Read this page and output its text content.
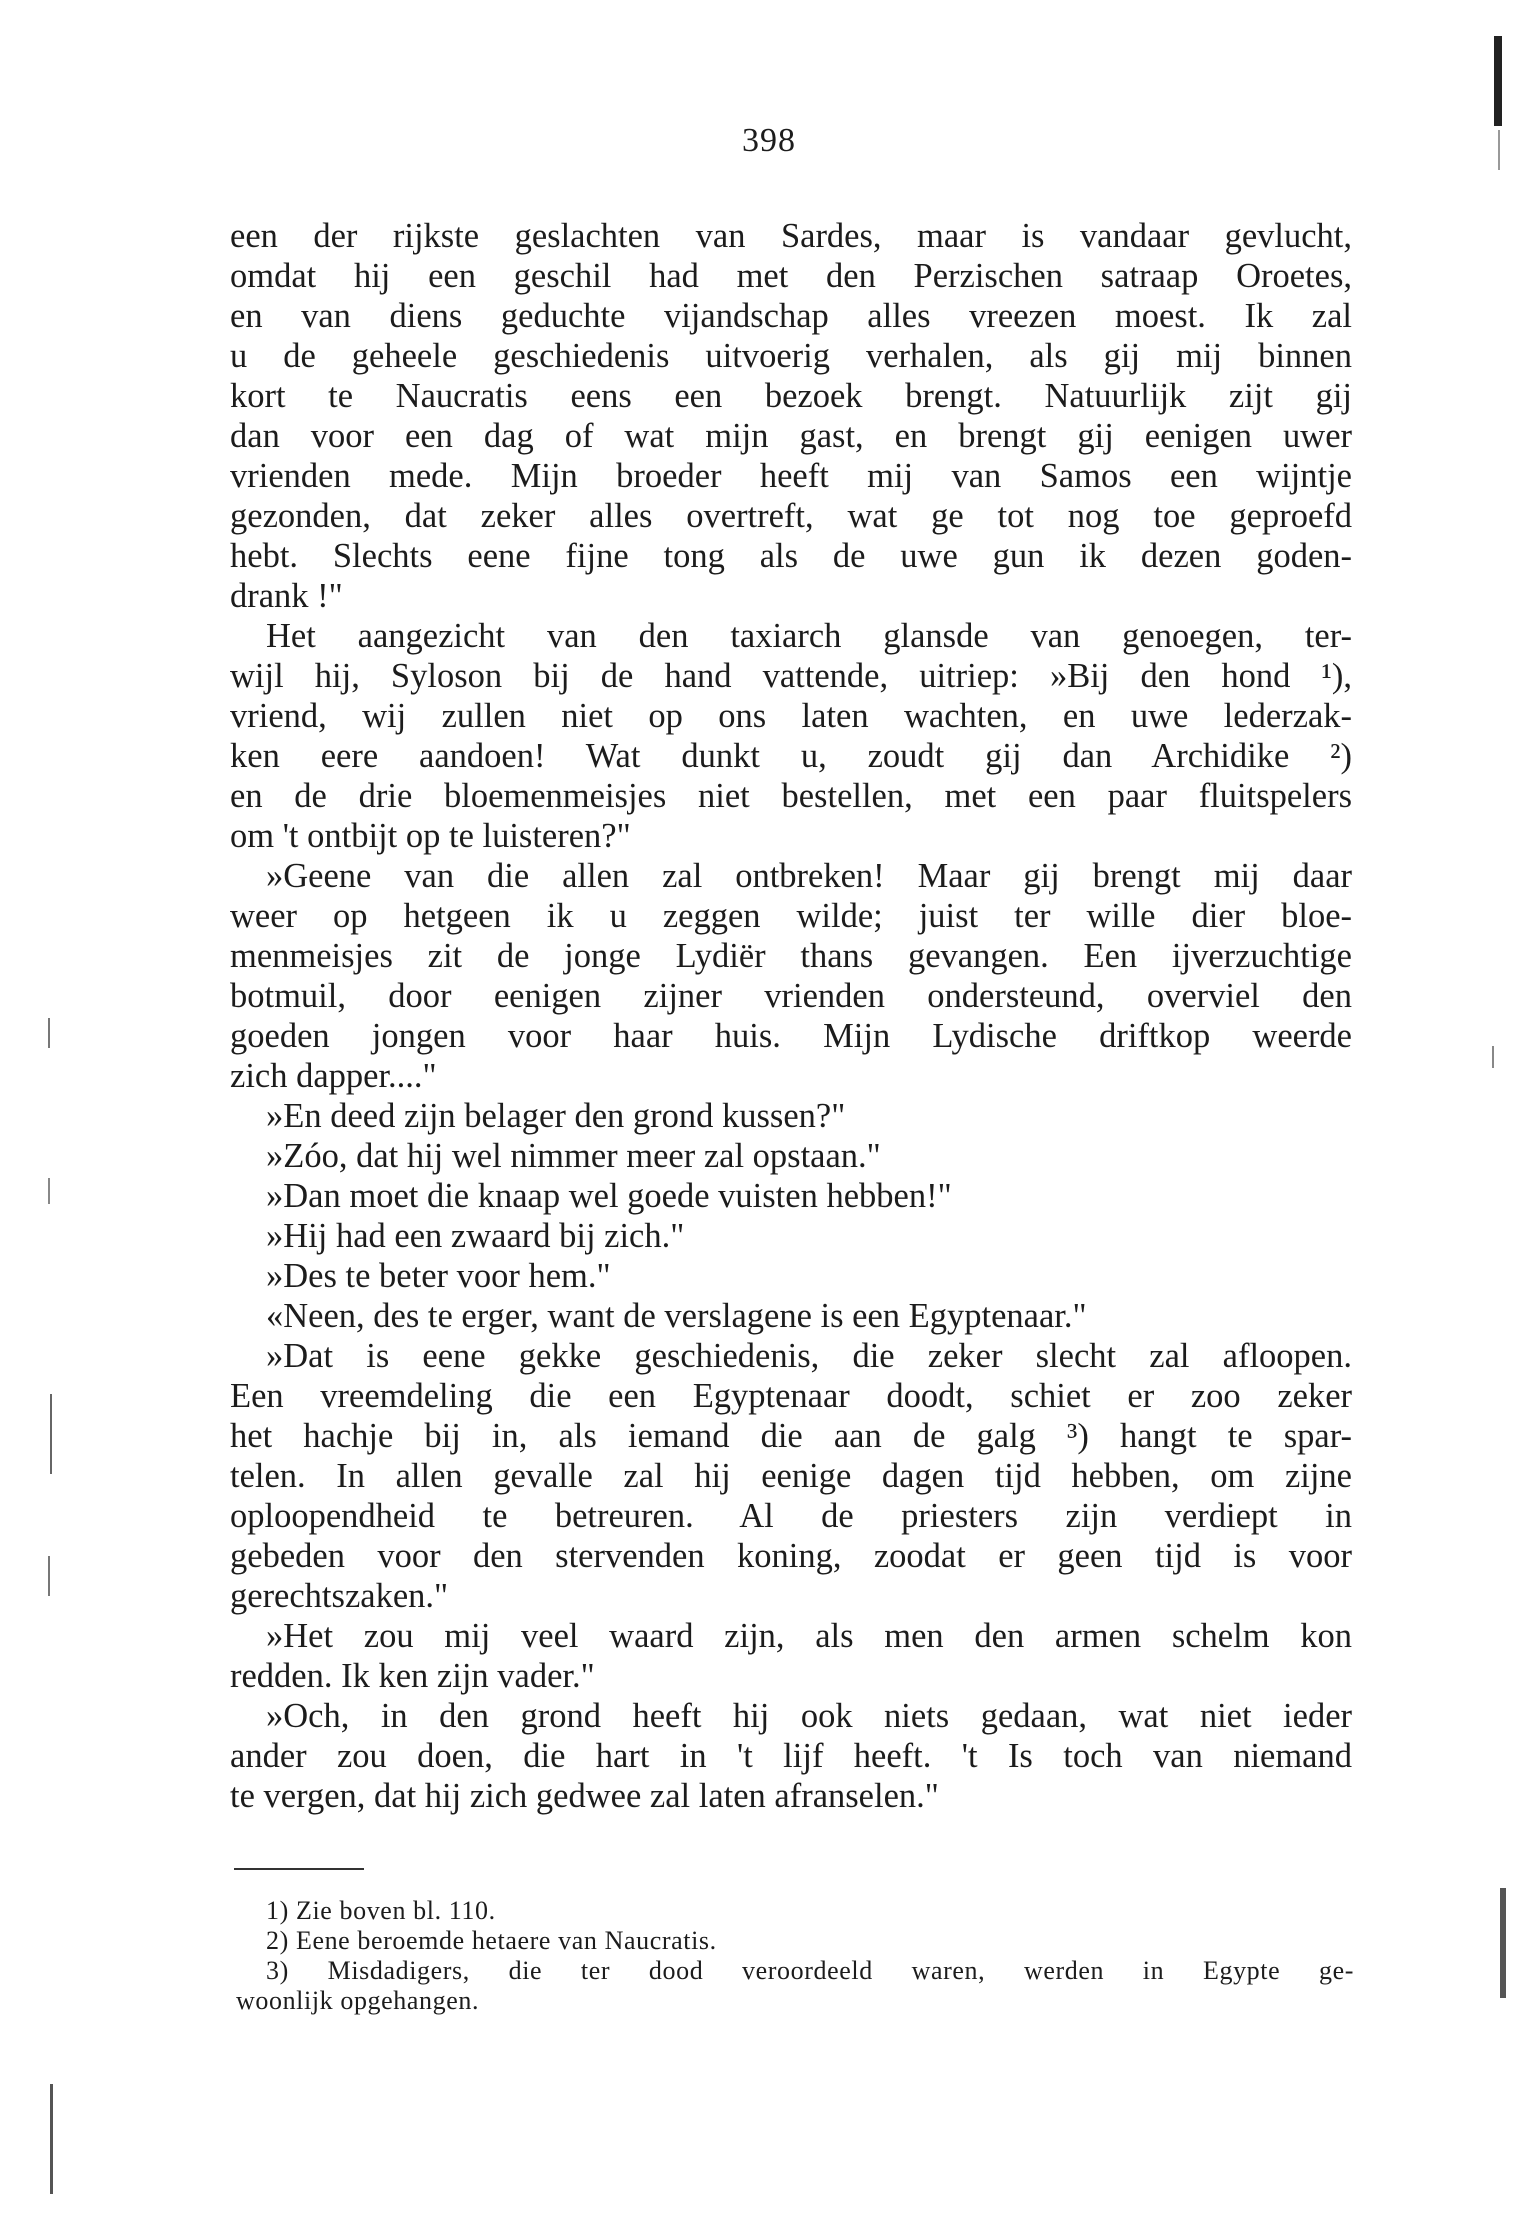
398
een der rijkste geslachten van Sardes, maar is vandaar gevlucht,
omdat hij een geschil had met den Perzischen satraap Oroetes,
en van diens geduchte vijandschap alles vreezen moest. Ik zal
u de geheele geschiedenis uitvoerig verhalen, als gij mij binnen
kort te Naucratis eens een bezoek brengt. Natuurlijk zijt gij
dan voor een dag of wat mijn gast, en brengt gij eenigen uwer
vrienden mede. Mijn broeder heeft mij van Samos een wijntje
gezonden, dat zeker alles overtreft, wat ge tot nog toe geproefd
hebt. Slechts eene fijne tong als de uwe gun ik dezen goden-
drank !"
Het aangezicht van den taxiarch glansde van genoegen, ter-
wijl hij, Syloson bij de hand vattende, uitriep: »Bij den hond ¹),
vriend, wij zullen niet op ons laten wachten, en uwe lederzak-
ken eere aandoen! Wat dunkt u, zoudt gij dan Archidike ²)
en de drie bloemenmeisjes niet bestellen, met een paar fluitspelers
om 't ontbijt op te luisteren?"
»Geene van die allen zal ontbreken! Maar gij brengt mij daar
weer op hetgeen ik u zeggen wilde; juist ter wille dier bloe-
menmeisjes zit de jonge Lydiër thans gevangen. Een ijverzuchtige
botmuil, door eenigen zijner vrienden ondersteund, overviel den
goeden jongen voor haar huis. Mijn Lydische driftkop weerde
zich dapper...."
»En deed zijn belager den grond kussen?"
»Zóo, dat hij wel nimmer meer zal opstaan."
»Dan moet die knaap wel goede vuisten hebben!"
»Hij had een zwaard bij zich."
»Des te beter voor hem."
«Neen, des te erger, want de verslagene is een Egyptenaar."
»Dat is eene gekke geschiedenis, die zeker slecht zal afloopen.
Een vreemdeling die een Egyptenaar doodt, schiet er zoo zeker
het hachje bij in, als iemand die aan de galg ³) hangt te spar-
telen. In allen gevalle zal hij eenige dagen tijd hebben, om zijne
oploopendheid te betreuren. Al de priesters zijn verdiept in
gebeden voor den stervenden koning, zoodat er geen tijd is voor
gerechtszaken."
»Het zou mij veel waard zijn, als men den armen schelm kon
redden. Ik ken zijn vader."
»Och, in den grond heeft hij ook niets gedaan, wat niet ieder
ander zou doen, die hart in 't lijf heeft. 't Is toch van niemand
te vergen, dat hij zich gedwee zal laten afranselen."
1) Zie boven bl. 110.
2) Eene beroemde hetaere van Naucratis.
3) Misdadigers, die ter dood veroordeeld waren, werden in Egypte ge-
woonlijk opgehangen.
